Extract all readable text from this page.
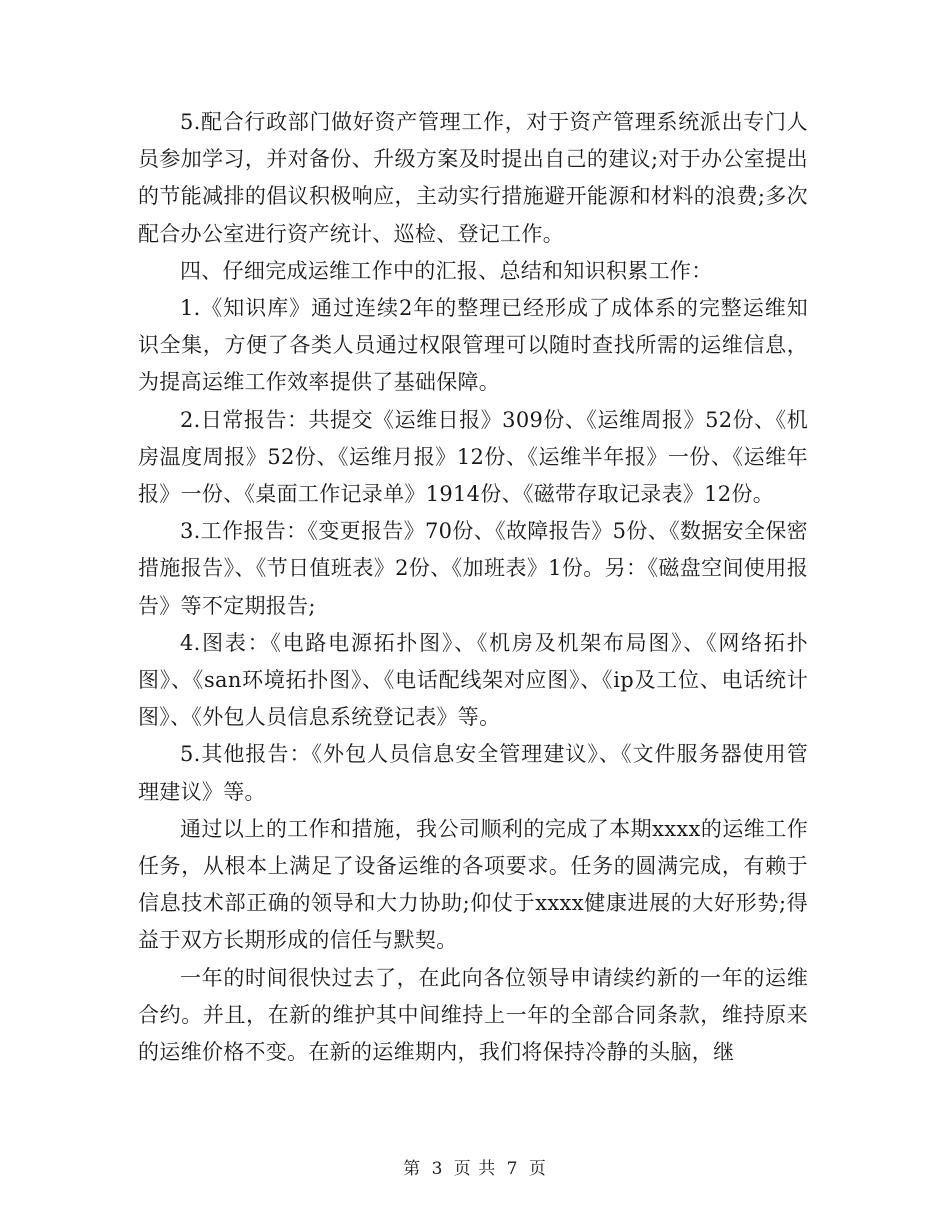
5.配合行政部门做好资产管理工作，对于资产管理系统派出专门人员参加学习，并对备份、升级方案及时提出自己的建议;对于办公室提出的节能减排的倡议积极响应，主动实行措施避开能源和材料的浪费;多次配合办公室进行资产统计、巡检、登记工作。

四、仔细完成运维工作中的汇报、总结和知识积累工作：

1.《知识库》通过连续2年的整理已经形成了成体系的完整运维知识全集，方便了各类人员通过权限管理可以随时查找所需的运维信息，为提高运维工作效率提供了基础保障。

2.日常报告：共提交《运维日报》309份、《运维周报》52份、《机房温度周报》52份、《运维月报》12份、《运维半年报》一份、《运维年报》一份、《桌面工作记录单》1914份、《磁带存取记录表》12份。

3.工作报告：《变更报告》70份、《故障报告》5份、《数据安全保密措施报告》、《节日值班表》2份、《加班表》1份。另：《磁盘空间使用报告》等不定期报告;

4.图表：《电路电源拓扑图》、《机房及机架布局图》、《网络拓扑图》、《san环境拓扑图》、《电话配线架对应图》、《ip及工位、电话统计图》、《外包人员信息系统登记表》等。

5.其他报告：《外包人员信息安全管理建议》、《文件服务器使用管理建议》等。

通过以上的工作和措施，我公司顺利的完成了本期xxxx的运维工作任务，从根本上满足了设备运维的各项要求。任务的圆满完成，有赖于信息技术部正确的领导和大力协助;仰仗于xxxx健康进展的大好形势;得益于双方长期形成的信任与默契。

一年的时间很快过去了，在此向各位领导申请续约新的一年的运维合约。并且，在新的维护其中间维持上一年的全部合同条款，维持原来的运维价格不变。在新的运维期内，我们将保持冷静的头脑，继

第 3 页 共 7 页
